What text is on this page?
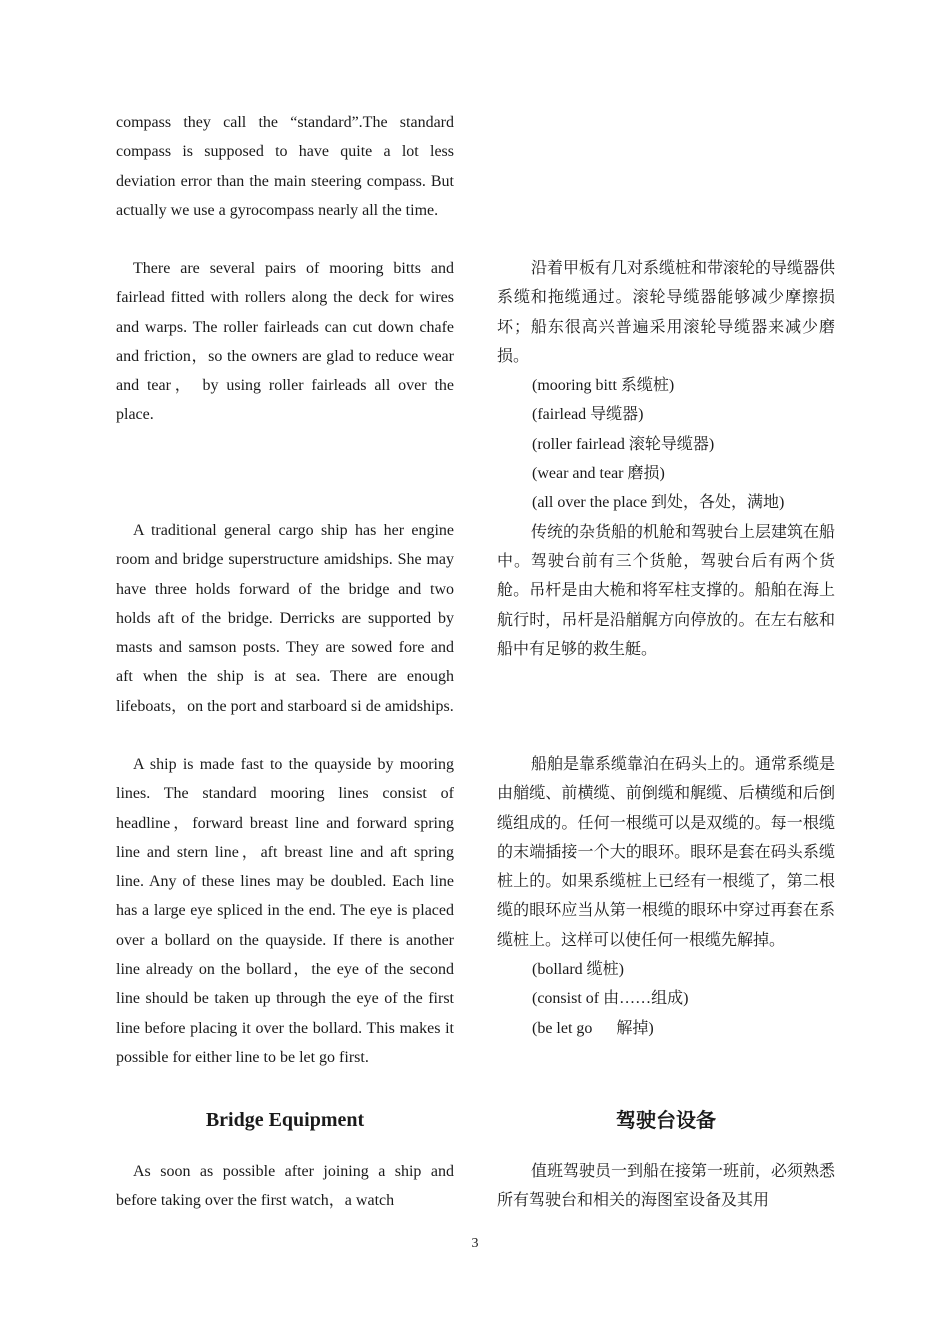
compass they call the “standard”.The standard compass is supposed to have quite a lot less deviation error than the main steering compass. But actually we use a gyrocompass nearly all the time.

There are several pairs of mooring bitts and fairlead fitted with rollers along the deck for wires and warps. The roller fairleads can cut down chafe and friction，so the owners are glad to reduce wear and tear， by using roller fairleads all over the place.

A traditional general cargo ship has her engine room and bridge superstructure amidships. She may have three holds forward of the bridge and two holds aft of the bridge. Derricks are supported by masts and samson posts. They are sowed fore and aft when the ship is at sea. There are enough lifeboats，on the port and starboard si de amidships.

A ship is made fast to the quayside by mooring lines. The standard mooring lines consist of headline，forward breast line and forward spring line and stern line，aft breast line and aft spring line. Any of these lines may be doubled. Each line has a large eye spliced in the end. The eye is placed over a bollard on the quayside. If there is another line already on the bollard，the eye of the second line should be taken up through the eye of the first line before placing it over the bollard. This makes it possible for either line to be let go first.

Bridge Equipment

As soon as possible after joining a ship and before taking over the first watch，a watch

沿着甲板有几对系缆桩和带滚轮的导缆器供系缆和拖缆通过。滚轮导缆器能够减少摩擦损坏；船东很高兴普遍采用滚轮导缆器来减少磨损。

(mooring bitt 系缆桩)

(fairlead 导缆器)

(roller fairlead 滚轮导缆器)

(wear and tear 磨损)

(all over the place 到处，各处，满地)

传统的杂货船的机舱和驾驶台上层建筑在船中。驾驶台前有三个货舱，驾驶台后有两个货舱。吊杆是由大桅和将军柱支撑的。船舶在海上航行时，吊杆是沿艏艉方向停放的。在左右舷和船中有足够的救生艇。

船舶是靠系缆靠泊在码头上的。通常系缆是由艏缆、前横缆、前倒缆和艉缆、后横缆和后倒缆组成的。任何一根缆可以是双缆的。每一根缆的末端插接一个大的眼环。眼环是套在码头系缆桩上的。如果系缆桩上已经有一根缆了，第二根缆的眼环应当从第一根缆的眼环中穿过再套在系缆桩上。这样可以使任何一根缆先解掉。

(bollard 缆桩)

(consist of 由……组成)

(be let go      解掉)

驾驶台设备

值班驾驶员一到船在接第一班前，必须熟悉所有驾驶台和相关的海图室设备及其用

3
